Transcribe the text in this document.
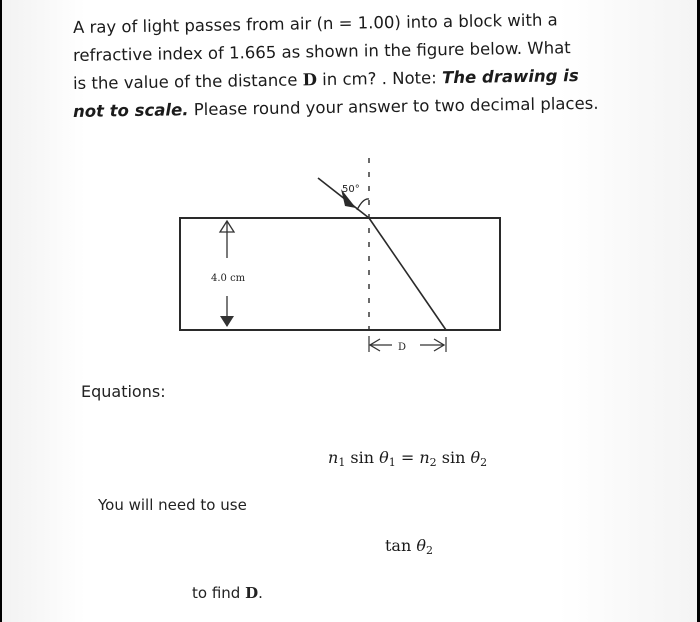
A ray of light passes from air (n = 1.00) into a block with a
refractive index of 1.665 as shown in the figure below. What
is the value of the distance D in cm? . Note: The drawing is
not to scale. Please round your answer to two decimal places.
50°
4.0 cm
D
Equations:
$n_1$ $\sin \theta_1 = n_2$ $\sin \theta_2$
You will need to use
$\tan \theta_2$
to find D.
